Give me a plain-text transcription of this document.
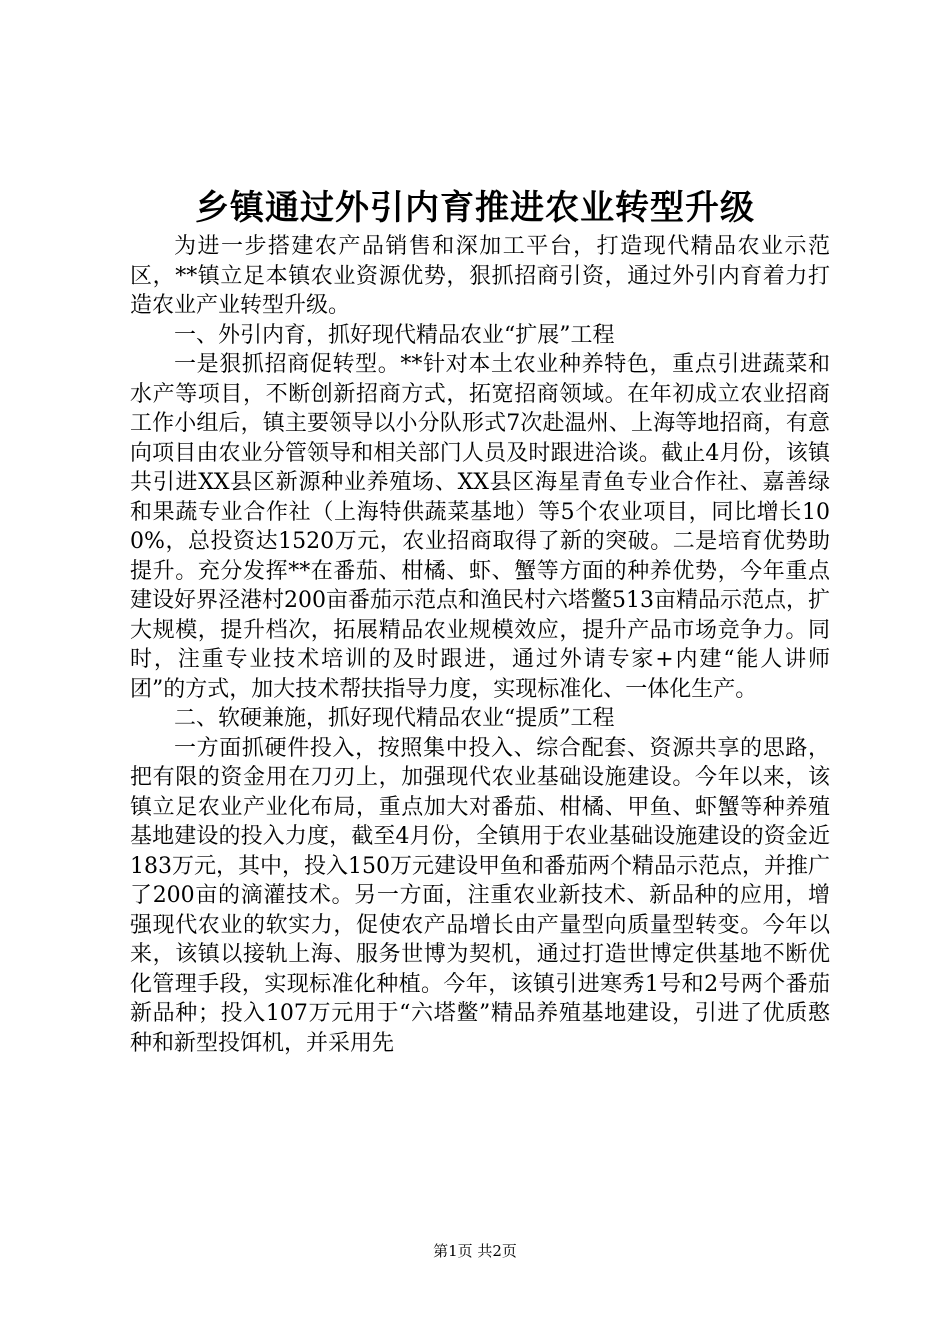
乡镇通过外引内育推进农业转型升级

为进一步搭建农产品销售和深加工平台，打造现代精品农业示范区，**镇立足本镇农业资源优势，狠抓招商引资，通过外引内育着力打造农业产业转型升级。

一、外引内育，抓好现代精品农业“扩展”工程

一是狠抓招商促转型。**针对本土农业种养特色，重点引进蔬菜和水产等项目，不断创新招商方式，拓宽招商领域。在年初成立农业招商工作小组后，镇主要领导以小分队形式7次赴温州、上海等地招商，有意向项目由农业分管领导和相关部门人员及时跟进洽谈。截止4月份，该镇共引进XX县区新源种业养殖场、XX县区海星青鱼专业合作社、嘉善绿和果蔬专业合作社（上海特供蔬菜基地）等5个农业项目，同比增长100%，总投资达1520万元，农业招商取得了新的突破。二是培育优势助提升。充分发挥**在番茄、柑橘、虾、蟹等方面的种养优势，今年重点建设好界泾港村200亩番茄示范点和渔民村六塔鳖513亩精品示范点，扩大规模，提升档次，拓展精品农业规模效应，提升产品市场竞争力。同时，注重专业技术培训的及时跟进，通过外请专家+内建“能人讲师团”的方式，加大技术帮扶指导力度，实现标准化、一体化生产。

二、软硬兼施，抓好现代精品农业“提质”工程

一方面抓硬件投入，按照集中投入、综合配套、资源共享的思路，把有限的资金用在刀刃上，加强现代农业基础设施建设。今年以来，该镇立足农业产业化布局，重点加大对番茄、柑橘、甲鱼、虾蟹等种养殖基地建设的投入力度，截至4月份，全镇用于农业基础设施建设的资金近183万元，其中，投入150万元建设甲鱼和番茄两个精品示范点，并推广了200亩的滴灌技术。另一方面，注重农业新技术、新品种的应用，增强现代农业的软实力，促使农产品增长由产量型向质量型转变。今年以来，该镇以接轨上海、服务世博为契机，通过打造世博定供基地不断优化管理手段，实现标准化种植。今年，该镇引进寒秀1号和2号两个番茄新品种；投入107万元用于“六塔鳖”精品养殖基地建设，引进了优质憨种和新型投饵机，并采用先

第1页 共2页
